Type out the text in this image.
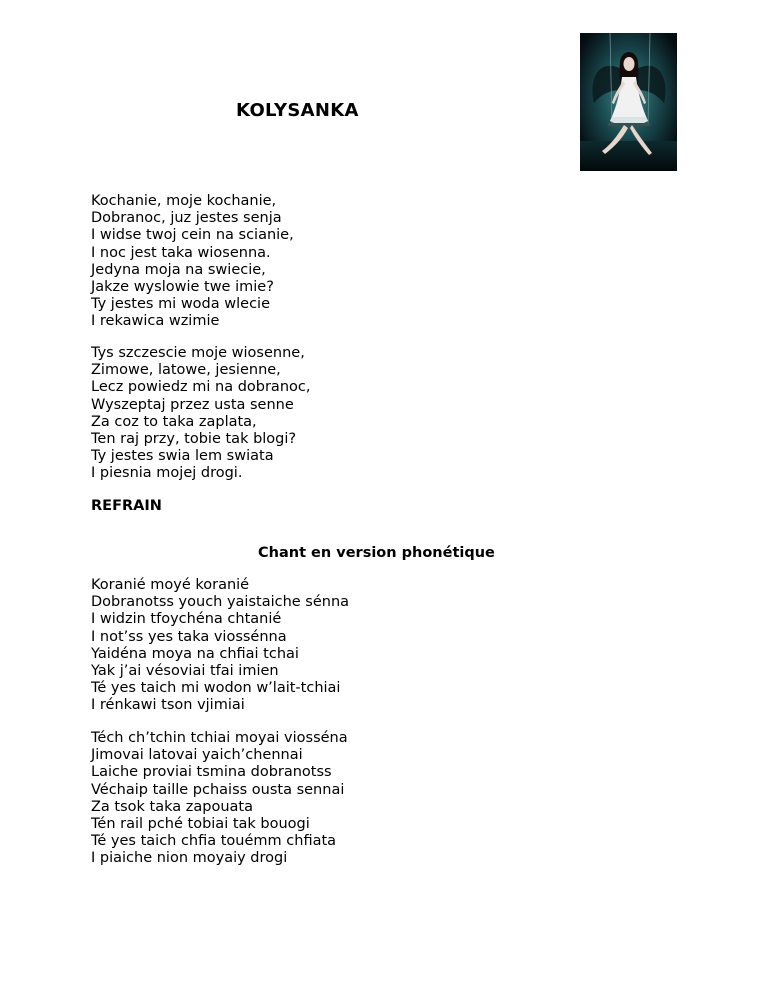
KOLYSANKA
Kochanie, moje kochanie,
Dobranoc, juz jestes senja
I widse twoj cein na scianie,
I noc jest taka wiosenna.
Jedyna moja na swiecie,
Jakze wyslowie twe imie?
Ty jestes mi woda wlecie
I rekawica wzimie
Tys szczescie moje wiosenne,
Zimowe, latowe, jesienne,
Lecz powiedz mi na dobranoc,
Wyszeptaj przez usta senne
Za coz to taka zaplata,
Ten raj przy, tobie tak blogi?
Ty jestes swia lem swiata
I piesnia mojej drogi.
REFRAIN
Chant en version phonétique
Koranié moyé koranié
Dobranotss youch yaistaiche sénna
I widzin tfoychéna chtanié
I not’ss yes taka viossénna
Yaidéna moya na chfiai tchai
Yak j’ai vésoviai tfai imien
Té yes taich mi wodon w’lait-tchiai
I rénkawi tson vjimiai
Téch ch’tchin tchiai moyai viosséna
Jimovai latovai yaich’chennai
Laiche proviai tsmina dobranotss
Véchaip taille pchaiss ousta sennai
Za tsok taka zapouata
Tén rail pché tobiai tak bouogi
Té yes taich chfia touémm chfiata
I piaiche nion moyaiy drogi
